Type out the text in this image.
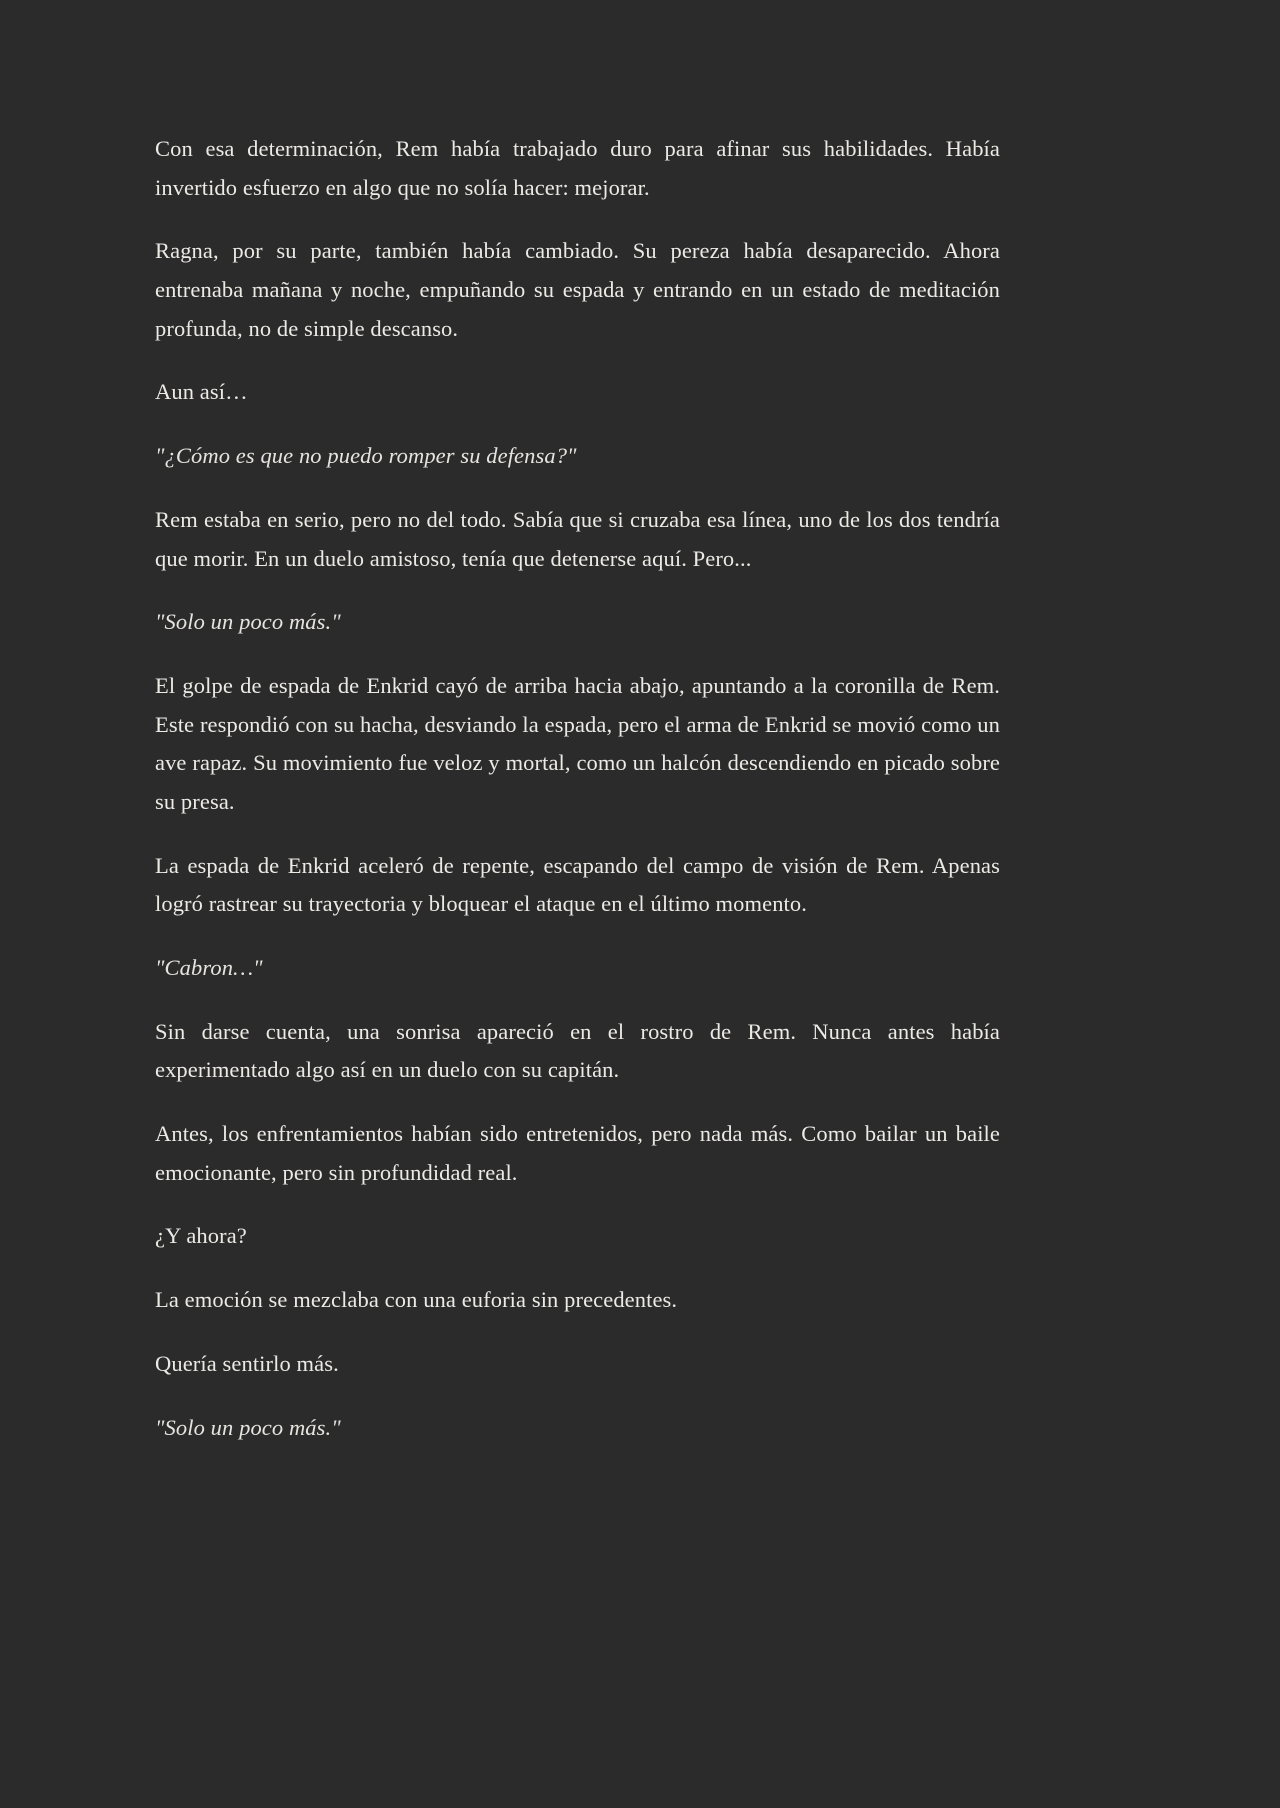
Con esa determinación, Rem había trabajado duro para afinar sus habilidades. Había invertido esfuerzo en algo que no solía hacer: mejorar.

Ragna, por su parte, también había cambiado. Su pereza había desaparecido. Ahora entrenaba mañana y noche, empuñando su espada y entrando en un estado de meditación profunda, no de simple descanso.

Aun así…

"¿Cómo es que no puedo romper su defensa?"

Rem estaba en serio, pero no del todo. Sabía que si cruzaba esa línea, uno de los dos tendría que morir. En un duelo amistoso, tenía que detenerse aquí. Pero...

"Solo un poco más."

El golpe de espada de Enkrid cayó de arriba hacia abajo, apuntando a la coronilla de Rem. Este respondió con su hacha, desviando la espada, pero el arma de Enkrid se movió como un ave rapaz. Su movimiento fue veloz y mortal, como un halcón descendiendo en picado sobre su presa.

La espada de Enkrid aceleró de repente, escapando del campo de visión de Rem. Apenas logró rastrear su trayectoria y bloquear el ataque en el último momento.

"Cabron…"

Sin darse cuenta, una sonrisa apareció en el rostro de Rem. Nunca antes había experimentado algo así en un duelo con su capitán.

Antes, los enfrentamientos habían sido entretenidos, pero nada más. Como bailar un baile emocionante, pero sin profundidad real.

¿Y ahora?

La emoción se mezclaba con una euforia sin precedentes.

Quería sentirlo más.

"Solo un poco más."
